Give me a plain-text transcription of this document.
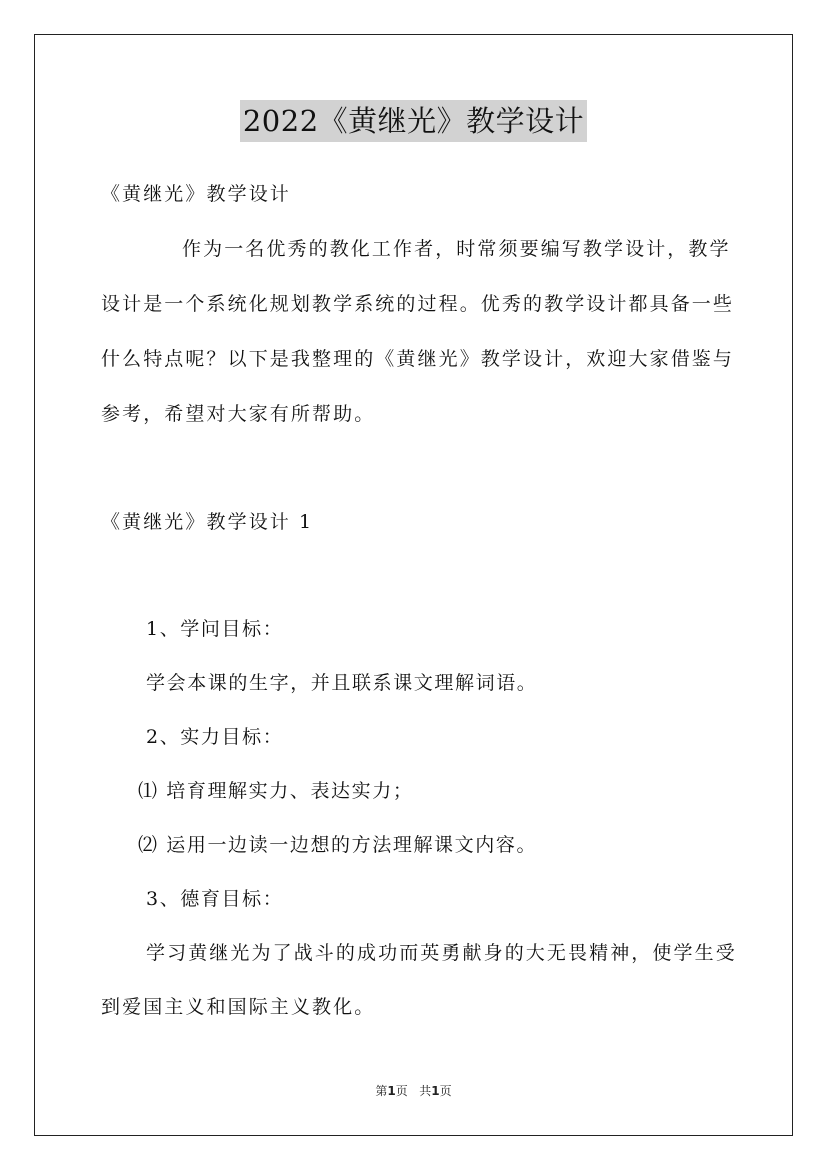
2022《黄继光》教学设计

《黄继光》教学设计

作为一名优秀的教化工作者，时常须要编写教学设计，教学

设计是一个系统化规划教学系统的过程。优秀的教学设计都具备一些

什么特点呢？以下是我整理的《黄继光》教学设计，欢迎大家借鉴与

参考，希望对大家有所帮助。

《黄继光》教学设计 1

1、学问目标：

学会本课的生字，并且联系课文理解词语。

2、实力目标：

⑴ 培育理解实力、表达实力；

⑵ 运用一边读一边想的方法理解课文内容。

3、德育目标：

学习黄继光为了战斗的成功而英勇献身的大无畏精神，使学生受

到爱国主义和国际主义教化。

第1页 共1页
